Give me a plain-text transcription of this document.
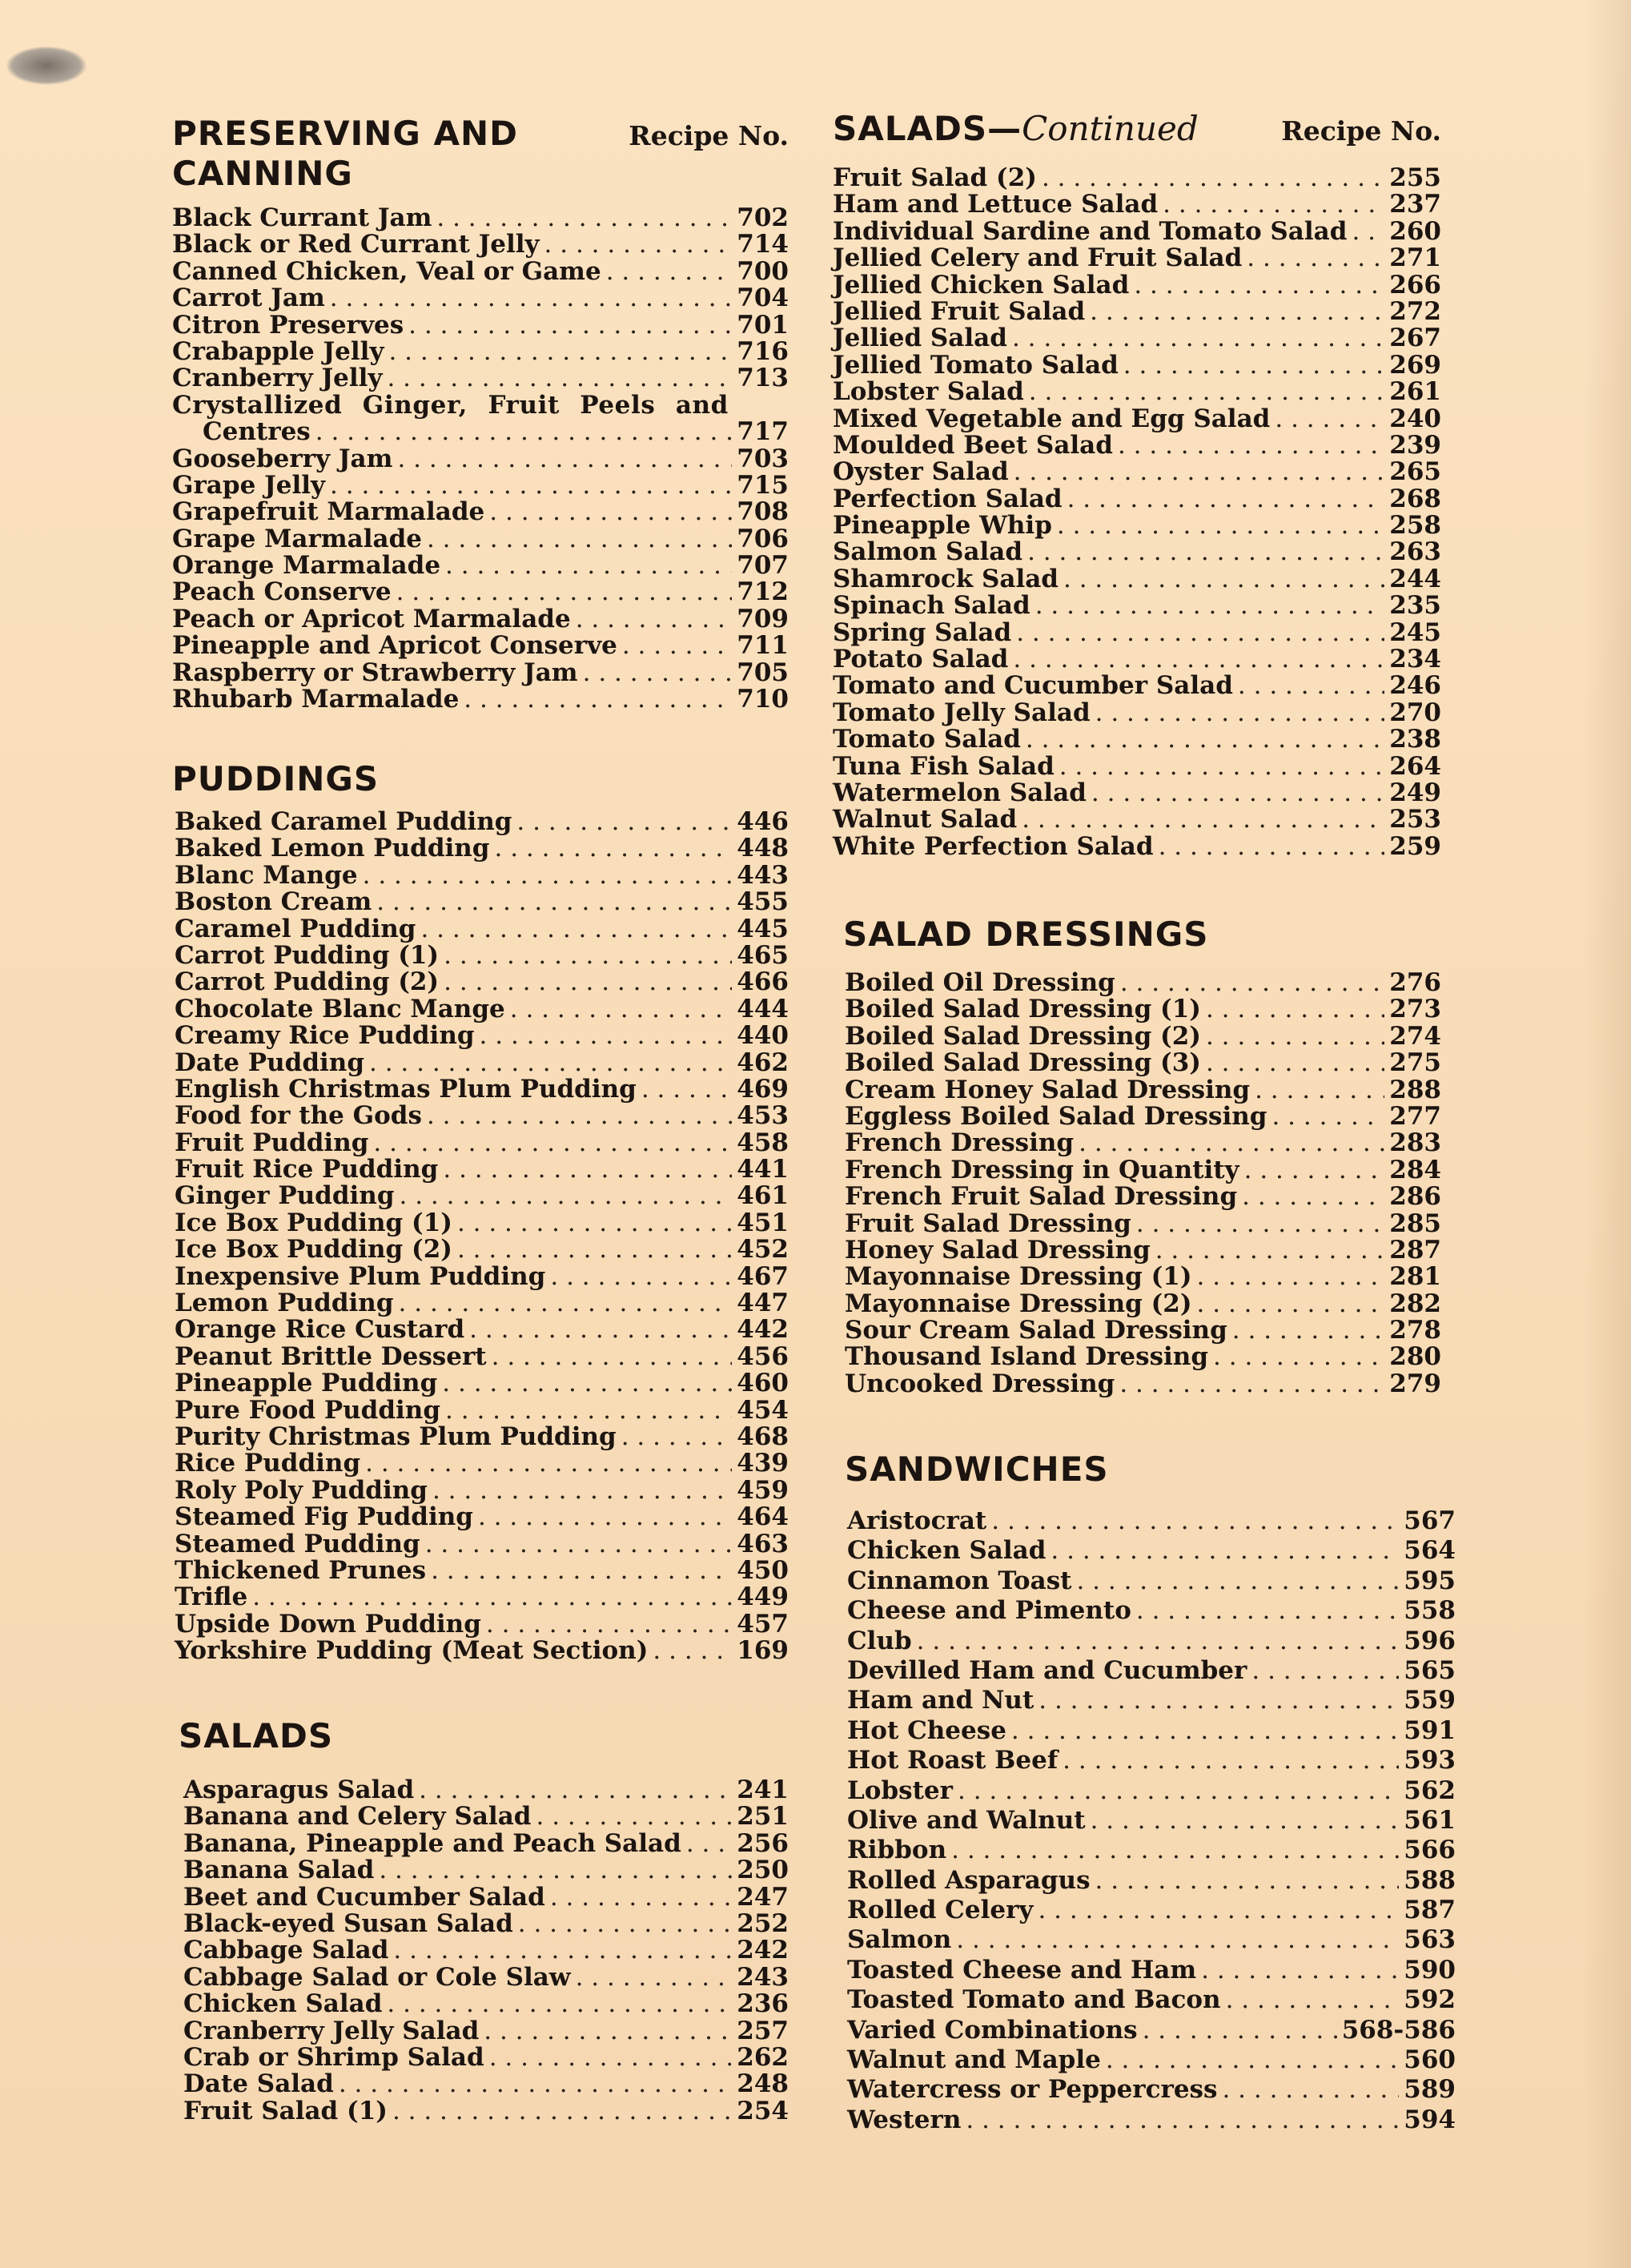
PRESERVING AND
CANNING
Recipe No.
Black Currant Jam . . .	702
Black or Red Currant Jelly . . .	714
Canned Chicken, Veal or Game . . .	700
Carrot Jam . . .	704
Citron Preserves . . .	701
Crabapple Jelly . . .	716
Cranberry Jelly . . .	713
Crystallized Ginger, Fruit Peels and
Centres . . .	717
Gooseberry Jam . . .	703
Grape Jelly . . .	715
Grapefruit Marmalade . . .	708
Grape Marmalade . . .	706
Orange Marmalade . . .	707
Peach Conserve . . .	712
Peach or Apricot Marmalade . . .	709
Pineapple and Apricot Conserve . . .	711
Raspberry or Strawberry Jam . . .	705
Rhubarb Marmalade . . .	710
PUDDINGS
Baked Caramel Pudding . . .	446
Baked Lemon Pudding . . .	448
Blanc Mange . . .	443
Boston Cream . . .	455
Caramel Pudding . . .	445
Carrot Pudding (1) . . .	465
Carrot Pudding (2) . . .	466
Chocolate Blanc Mange . . .	444
Creamy Rice Pudding . . .	440
Date Pudding . . .	462
English Christmas Plum Pudding . . .	469
Food for the Gods . . .	453
Fruit Pudding . . .	458
Fruit Rice Pudding . . .	441
Ginger Pudding . . .	461
Ice Box Pudding (1) . . .	451
Ice Box Pudding (2) . . .	452
Inexpensive Plum Pudding . . .	467
Lemon Pudding . . .	447
Orange Rice Custard . . .	442
Peanut Brittle Dessert . . .	456
Pineapple Pudding . . .	460
Pure Food Pudding . . .	454
Purity Christmas Plum Pudding . . .	468
Rice Pudding . . .	439
Roly Poly Pudding . . .	459
Steamed Fig Pudding . . .	464
Steamed Pudding . . .	463
Thickened Prunes . . .	450
Trifle . . .	449
Upside Down Pudding . . .	457
Yorkshire Pudding (Meat Section) . . .	169
SALADS
Asparagus Salad . . .	241
Banana and Celery Salad . . .	251
Banana, Pineapple and Peach Salad . . . 256
Banana Salad . . .	250
Beet and Cucumber Salad . . .	247
Black-eyed Susan Salad . . .	252
Cabbage Salad . . .	242
Cabbage Salad or Cole Slaw . . .	243
Chicken Salad . . .	236
Cranberry Jelly Salad . . .	257
Crab or Shrimp Salad . . .	262
Date Salad . . .	248
Fruit Salad (1) . . .	254
SALADS—Continued	Recipe No.
Fruit Salad (2) . . .	255
Ham and Lettuce Salad . . .	237
Individual Sardine and Tomato Salad . . . 260
Jellied Celery and Fruit Salad . . .	271
Jellied Chicken Salad . . .	266
Jellied Fruit Salad . . .	272
Jellied Salad . . .	267
Jellied Tomato Salad . . .	269
Lobster Salad . . .	261
Mixed Vegetable and Egg Salad . . .	240
Moulded Beet Salad . . .	239
Oyster Salad . . .	265
Perfection Salad . . .	268
Pineapple Whip . . .	258
Salmon Salad . . .	263
Shamrock Salad . . .	244
Spinach Salad . . .	235
Spring Salad . . .	245
Potato Salad . . .	234
Tomato and Cucumber Salad . . .	246
Tomato Jelly Salad . . .	270
Tomato Salad . . .	238
Tuna Fish Salad . . .	264
Watermelon Salad . . .	249
Walnut Salad . . .	253
White Perfection Salad . . .	259
SALAD DRESSINGS
Boiled Oil Dressing . . .	276
Boiled Salad Dressing (1) . . .	273
Boiled Salad Dressing (2) . . .	274
Boiled Salad Dressing (3) . . .	275
Cream Honey Salad Dressing . . .	288
Eggless Boiled Salad Dressing . . .	277
French Dressing . . .	283
French Dressing in Quantity . . .	284
French Fruit Salad Dressing . . .	286
Fruit Salad Dressing . . .	285
Honey Salad Dressing . . .	287
Mayonnaise Dressing (1) . . .	281
Mayonnaise Dressing (2) . . .	282
Sour Cream Salad Dressing . . .	278
Thousand Island Dressing . . .	280
Uncooked Dressing . . .	279
SANDWICHES
Aristocrat . . .	567
Chicken Salad . . .	564
Cinnamon Toast . . .	595
Cheese and Pimento . . .	558
Club . . .	596
Devilled Ham and Cucumber . . .	565
Ham and Nut . . .	559
Hot Cheese . . .	591
Hot Roast Beef . . .	593
Lobster . . .	562
Olive and Walnut . . .	561
Ribbon . . .	566
Rolled Asparagus . . .	588
Rolled Celery . . .	587
Salmon . . .	563
Toasted Cheese and Ham . . .	590
Toasted Tomato and Bacon . . .	592
Varied Combinations . . .	568-586
Walnut and Maple . . .	560
Watercress or Peppercress . . .	589
Western . . .	594
